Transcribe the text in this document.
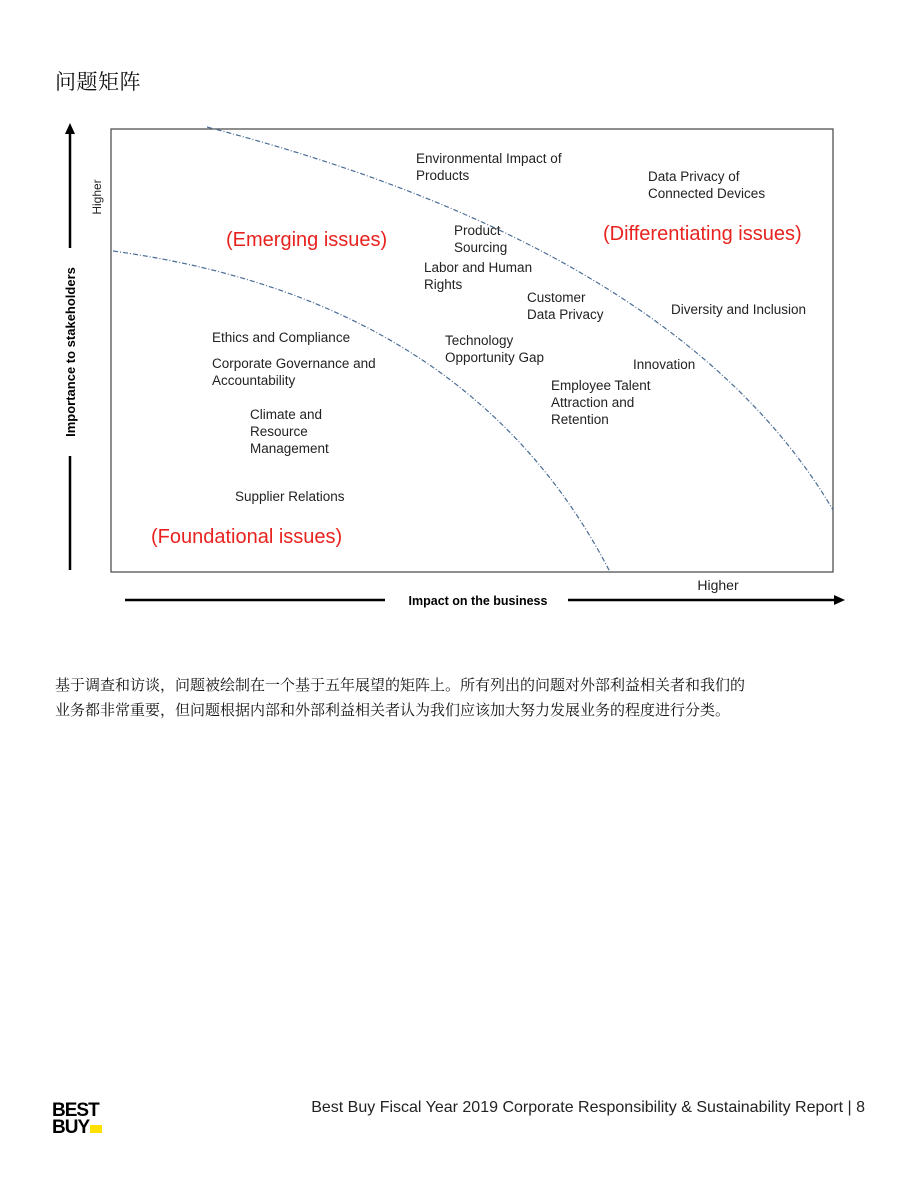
问题矩阵
Importance to stakeholders
Higher
Impact on the business
Higher
(Emerging issues)	(Differentiating issues)
(Foundational issues)
Environmental Impact of Products	Data Privacy of Connected Devices
Product Sourcing
Labor and Human Rights
Customer Data Privacy	Diversity and Inclusion
Ethics and Compliance	Technology Opportunity Gap	Innovation
Corporate Governance and Accountability	Employee Talent Attraction and Retention
Climate and Resource Management
Supplier Relations

基于调查和访谈，问题被绘制在一个基于五年展望的矩阵上。所有列出的问题对外部利益相关者和我们的

业务都非常重要，但问题根据内部和外部利益相关者认为我们应该加大努力发展业务的程度进行分类。

BEST
BUY
Best Buy Fiscal Year 2019 Corporate Responsibility & Sustainability Report | 8
